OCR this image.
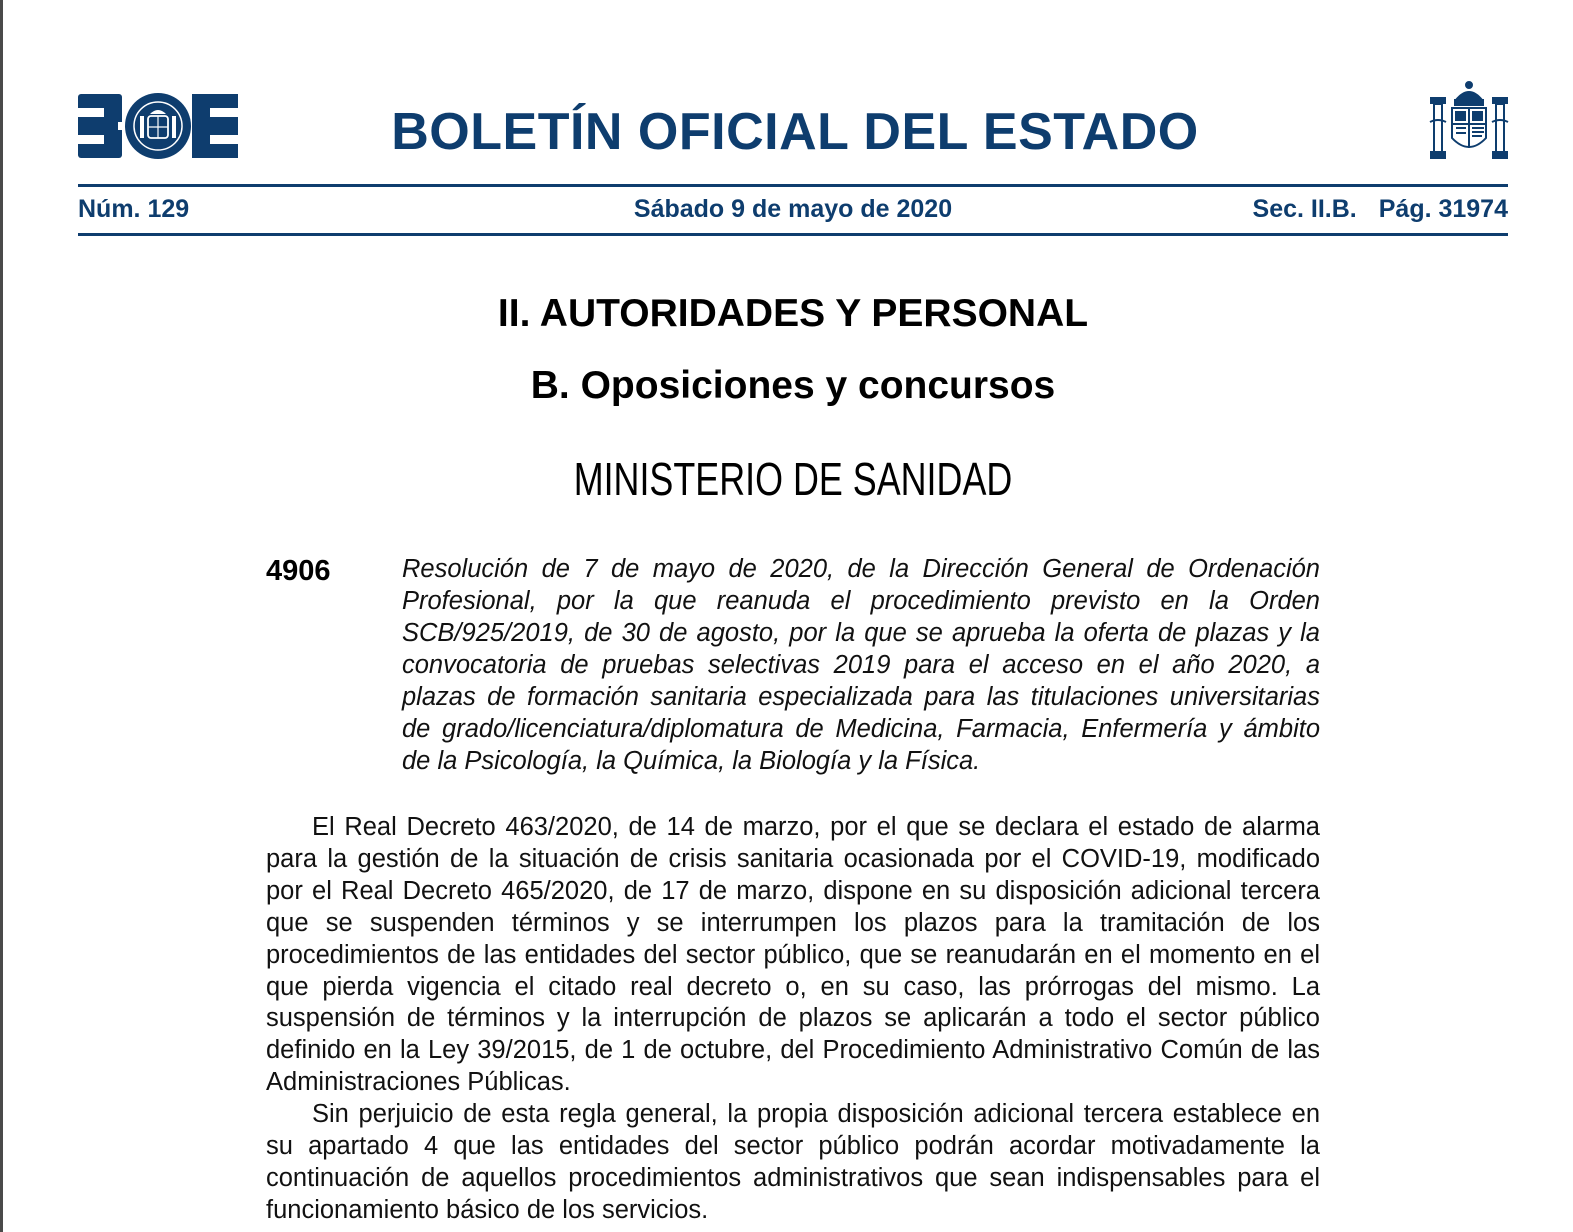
BOLETÍN OFICIAL DEL ESTADO
Núm. 129	Sábado 9 de mayo de 2020	Sec. II.B. Pág. 31974
II. AUTORIDADES Y PERSONAL
B. Oposiciones y concursos
MINISTERIO DE SANIDAD
4906	Resolución de 7 de mayo de 2020, de la Dirección General de Ordenación Profesional, por la que reanuda el procedimiento previsto en la Orden SCB/925/2019, de 30 de agosto, por la que se aprueba la oferta de plazas y la convocatoria de pruebas selectivas 2019 para el acceso en el año 2020, a plazas de formación sanitaria especializada para las titulaciones universitarias de grado/licenciatura/diplomatura de Medicina, Farmacia, Enfermería y ámbito de la Psicología, la Química, la Biología y la Física.

El Real Decreto 463/2020, de 14 de marzo, por el que se declara el estado de alarma para la gestión de la situación de crisis sanitaria ocasionada por el COVID-19, modificado por el Real Decreto 465/2020, de 17 de marzo, dispone en su disposición adicional tercera que se suspenden términos y se interrumpen los plazos para la tramitación de los procedimientos de las entidades del sector público, que se reanudarán en el momento en el que pierda vigencia el citado real decreto o, en su caso, las prórrogas del mismo. La suspensión de términos y la interrupción de plazos se aplicarán a todo el sector público definido en la Ley 39/2015, de 1 de octubre, del Procedimiento Administrativo Común de las Administraciones Públicas.

Sin perjuicio de esta regla general, la propia disposición adicional tercera establece en su apartado 4 que las entidades del sector público podrán acordar motivadamente la continuación de aquellos procedimientos administrativos que sean indispensables para el funcionamiento básico de los servicios.
